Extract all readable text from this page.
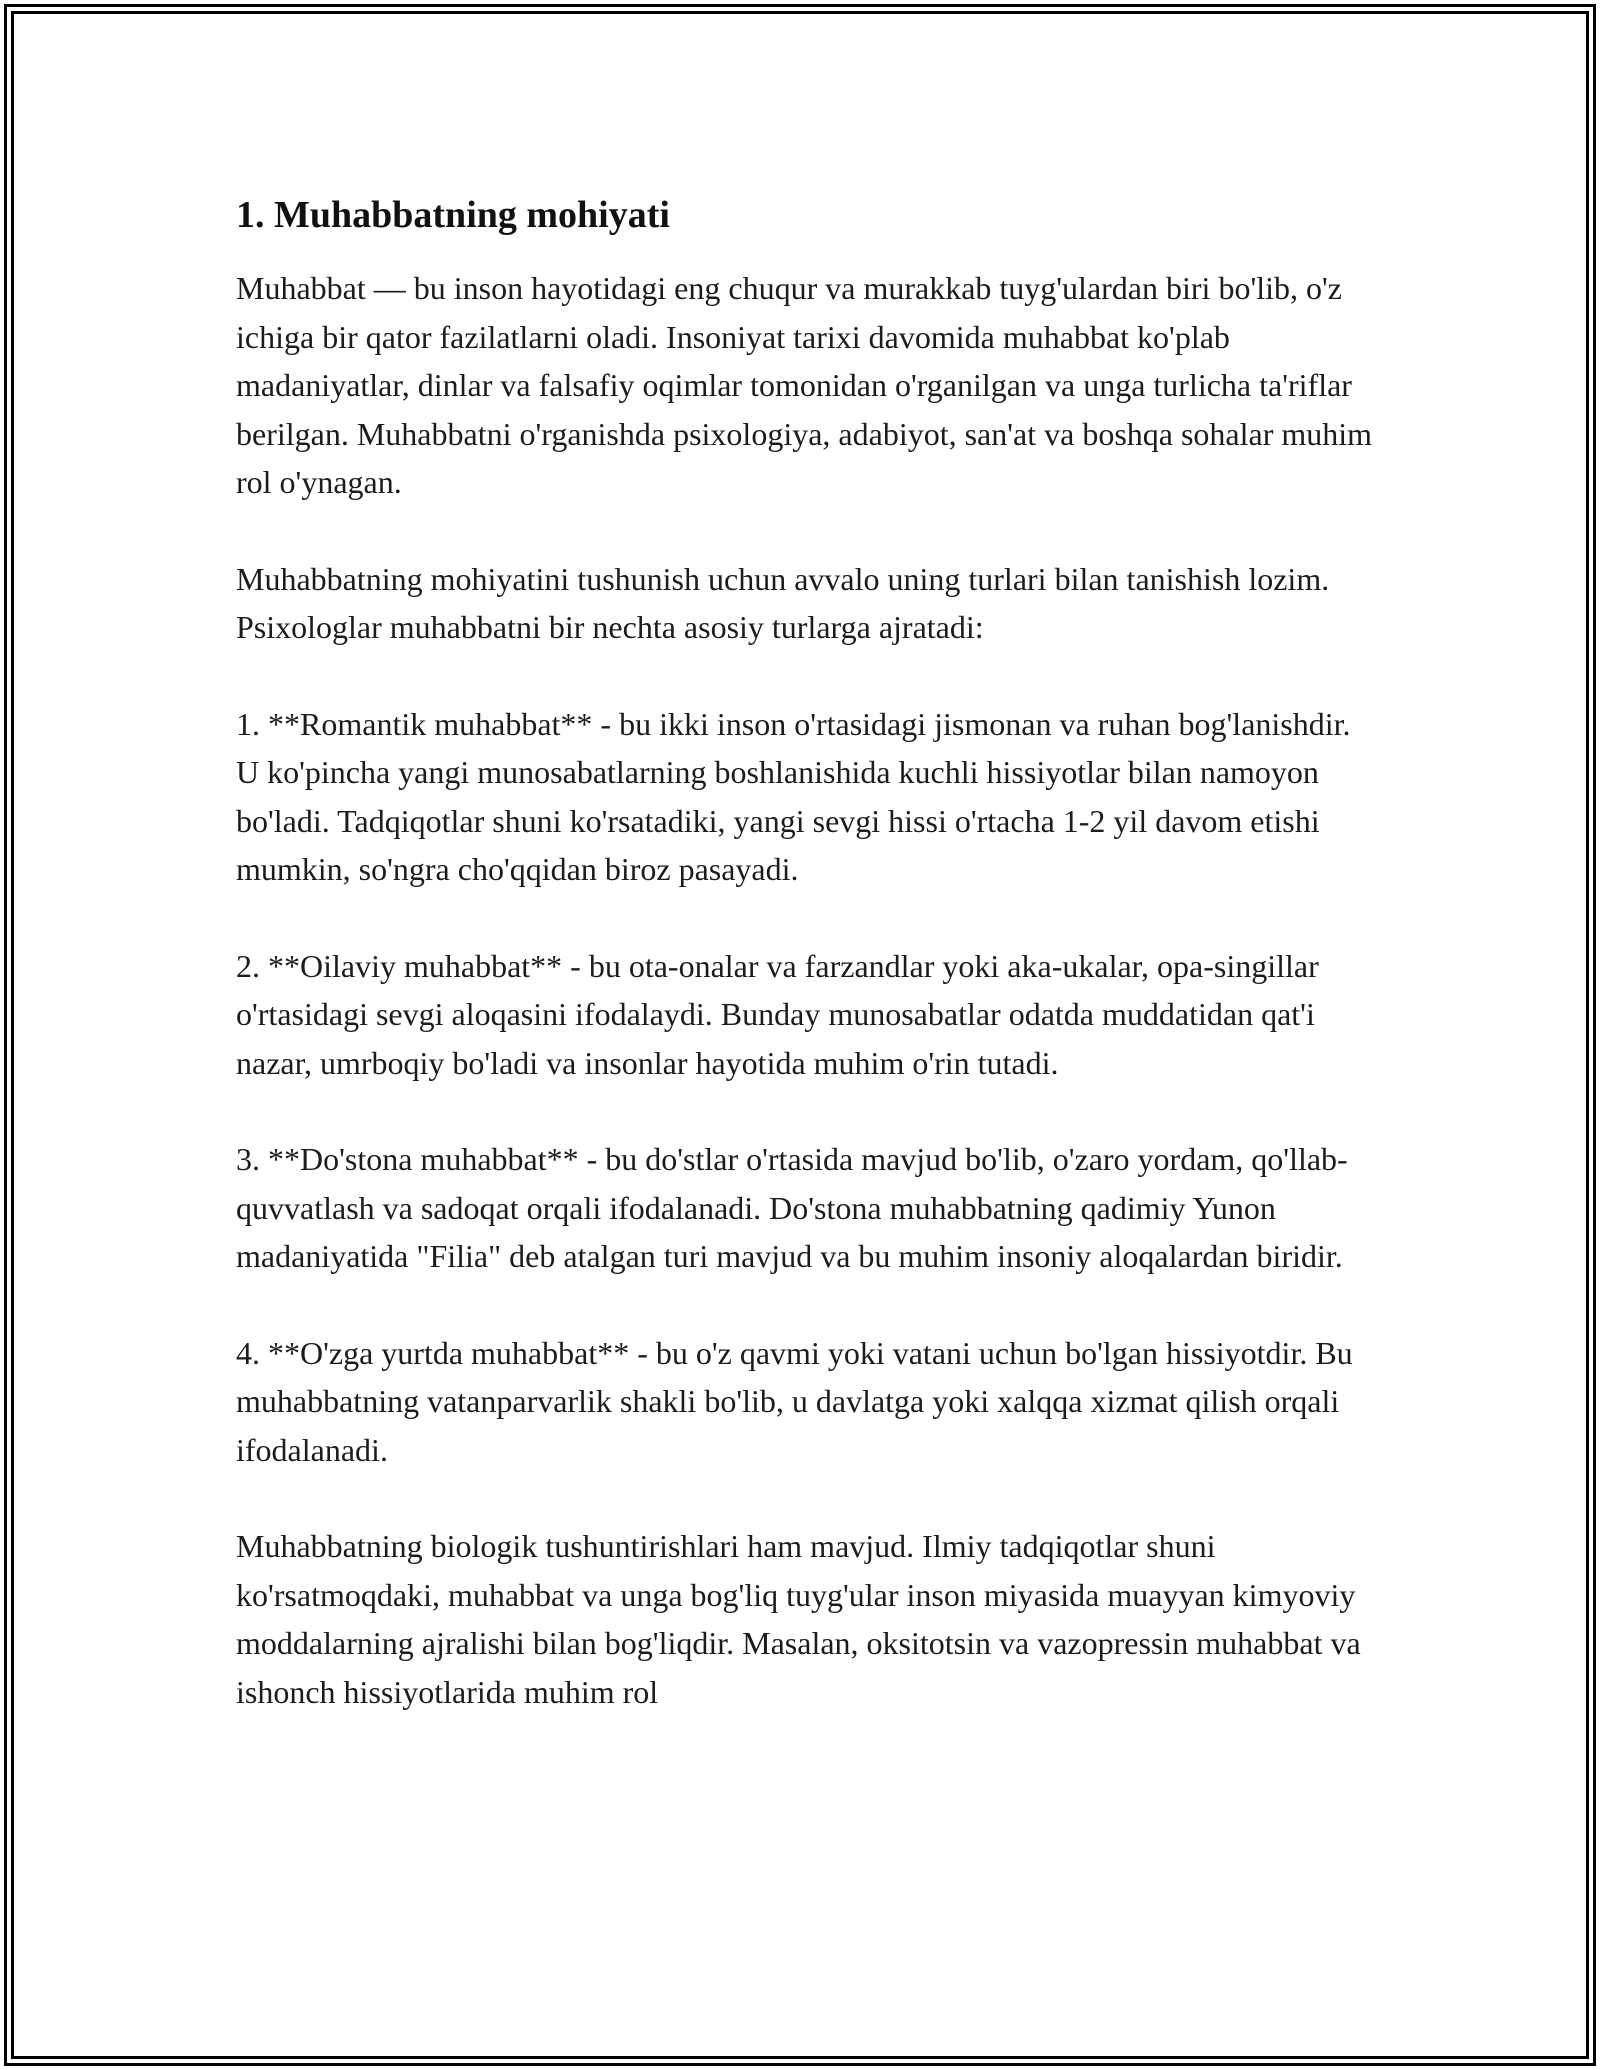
1. Muhabbatning mohiyati

Muhabbat — bu inson hayotidagi eng chuqur va murakkab tuyg'ulardan biri bo'lib, o'z ichiga bir qator fazilatlarni oladi. Insoniyat tarixi davomida muhabbat ko'plab madaniyatlar, dinlar va falsafiy oqimlar tomonidan o'rganilgan va unga turlicha ta'riflar berilgan. Muhabbatni o'rganishda psixologiya, adabiyot, san'at va boshqa sohalar muhim rol o'ynagan.

Muhabbatning mohiyatini tushunish uchun avvalo uning turlari bilan tanishish lozim. Psixologlar muhabbatni bir nechta asosiy turlarga ajratadi:

1. **Romantik muhabbat** - bu ikki inson o'rtasidagi jismonan va ruhan bog'lanishdir. U ko'pincha yangi munosabatlarning boshlanishida kuchli hissiyotlar bilan namoyon bo'ladi. Tadqiqotlar shuni ko'rsatadiki, yangi sevgi hissi o'rtacha 1-2 yil davom etishi mumkin, so'ngra cho'qqidan biroz pasayadi.

2. **Oilaviy muhabbat** - bu ota-onalar va farzandlar yoki aka-ukalar, opa-singillar o'rtasidagi sevgi aloqasini ifodalaydi. Bunday munosabatlar odatda muddatidan qat'i nazar, umrboqiy bo'ladi va insonlar hayotida muhim o'rin tutadi.

3. **Do'stona muhabbat** - bu do'stlar o'rtasida mavjud bo'lib, o'zaro yordam, qo'llab-quvvatlash va sadoqat orqali ifodalanadi. Do'stona muhabbatning qadimiy Yunon madaniyatida "Filia" deb atalgan turi mavjud va bu muhim insoniy aloqalardan biridir.

4. **O'zga yurtda muhabbat** - bu o'z qavmi yoki vatani uchun bo'lgan hissiyotdir. Bu muhabbatning vatanparvarlik shakli bo'lib, u davlatga yoki xalqqa xizmat qilish orqali ifodalanadi.

Muhabbatning biologik tushuntirishlari ham mavjud. Ilmiy tadqiqotlar shuni ko'rsatmoqdaki, muhabbat va unga bog'liq tuyg'ular inson miyasida muayyan kimyoviy moddalarning ajralishi bilan bog'liqdir. Masalan, oksitotsin va vazopressin muhabbat va ishonch hissiyotlarida muhim rol
